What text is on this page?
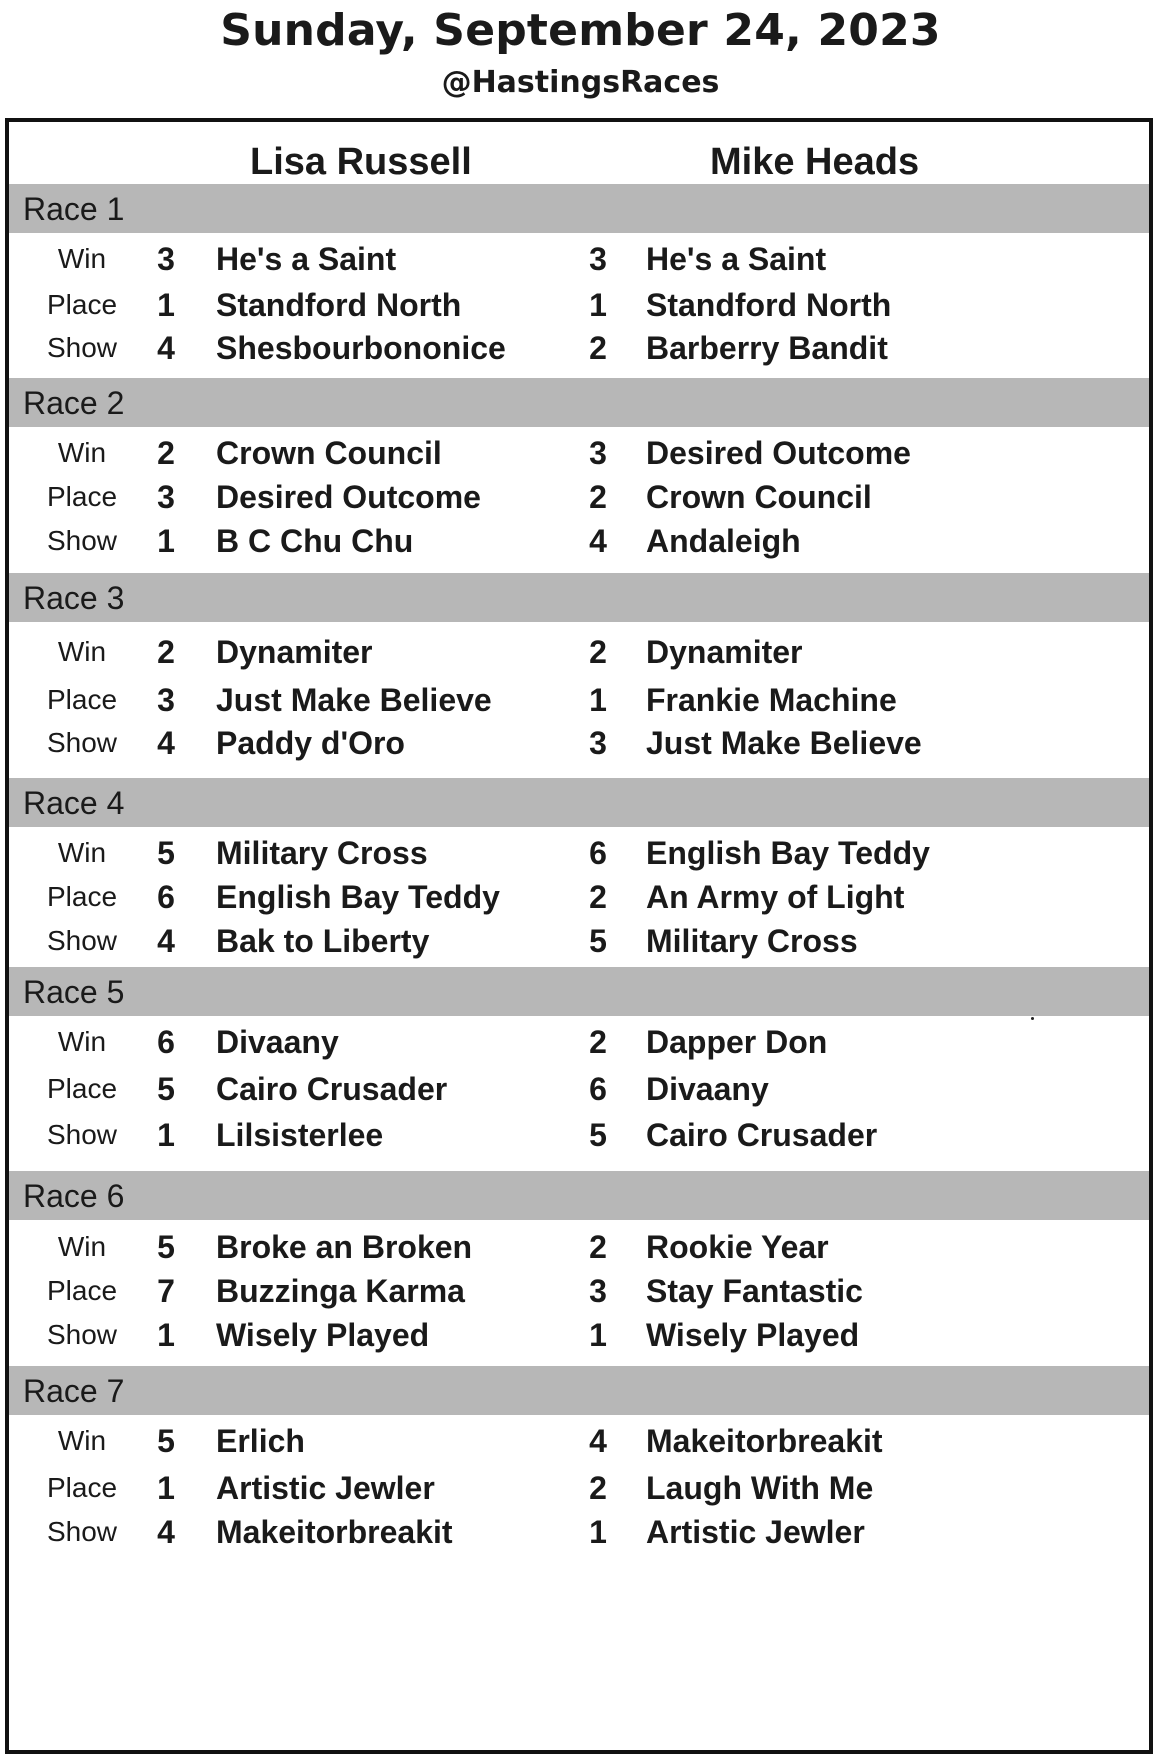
Sunday, September 24, 2023
@HastingsRaces
Lisa Russell	Mike Heads
Race 1
Win	3	He's a Saint	3	He's a Saint
Place	1	Standford North	1	Standford North
Show	4	Shesbourbononice	2	Barberry Bandit
Race 2
Win	2	Crown Council	3	Desired Outcome
Place	3	Desired Outcome	2	Crown Council
Show	1	B C Chu Chu	4	Andaleigh
Race 3
Win	2	Dynamiter	2	Dynamiter
Place	3	Just Make Believe	1	Frankie Machine
Show	4	Paddy d'Oro	3	Just Make Believe
Race 4
Win	5	Military Cross	6	English Bay Teddy
Place	6	English Bay Teddy	2	An Army of Light
Show	4	Bak to Liberty	5	Military Cross
Race 5
Win	6	Divaany	2	Dapper Don
Place	5	Cairo Crusader	6	Divaany
Show	1	Lilsisterlee	5	Cairo Crusader
Race 6
Win	5	Broke an Broken	2	Rookie Year
Place	7	Buzzinga Karma	3	Stay Fantastic
Show	1	Wisely Played	1	Wisely Played
Race 7
Win	5	Erlich	4	Makeitorbreakit
Place	1	Artistic Jewler	2	Laugh With Me
Show	4	Makeitorbreakit	1	Artistic Jewler
